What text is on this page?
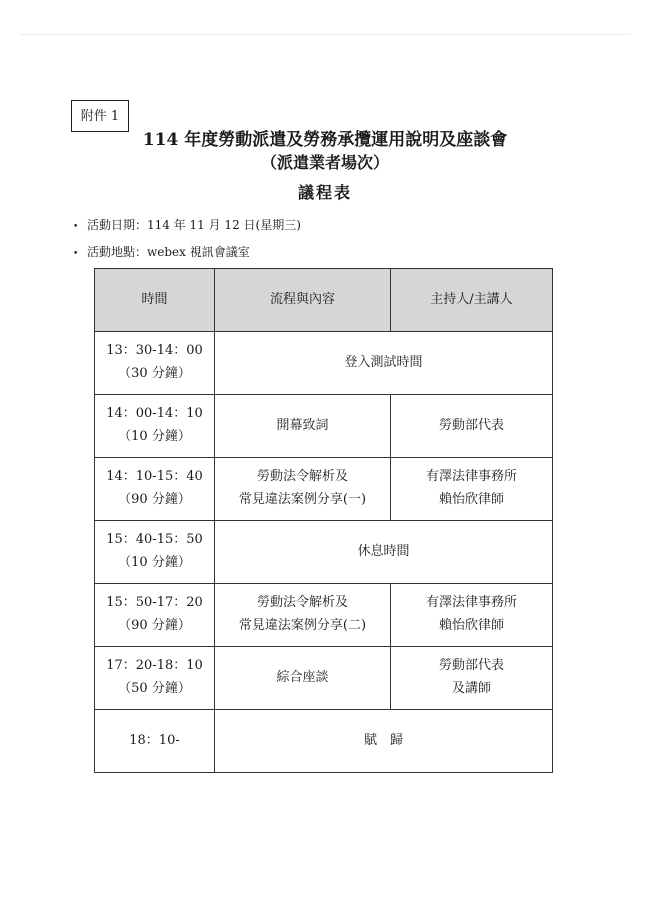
附件 1
114 年度勞動派遣及勞務承攬運用說明及座談會
（派遣業者場次）
議程表
• 活動日期：114 年 11 月 12 日(星期三)
• 活動地點：webex 視訊會議室
時間	流程與內容	主持人/主講人

13：30-14：00
（30 分鐘）	登入測試時間	

14：00-14：10
（10 分鐘）	開幕致詞	勞動部代表

14：10-15：40
（90 分鐘）	勞動法令解析及
常見違法案例分享(一)	有澤法律事務所
賴怡欣律師

15：40-15：50
（10 分鐘）	休息時間	

15：50-17：20
（90 分鐘）	勞動法令解析及
常見違法案例分享(二)	有澤法律事務所
賴怡欣律師

17：20-18：10
（50 分鐘）	綜合座談	勞動部代表
及講師

18：10-	賦　歸	
